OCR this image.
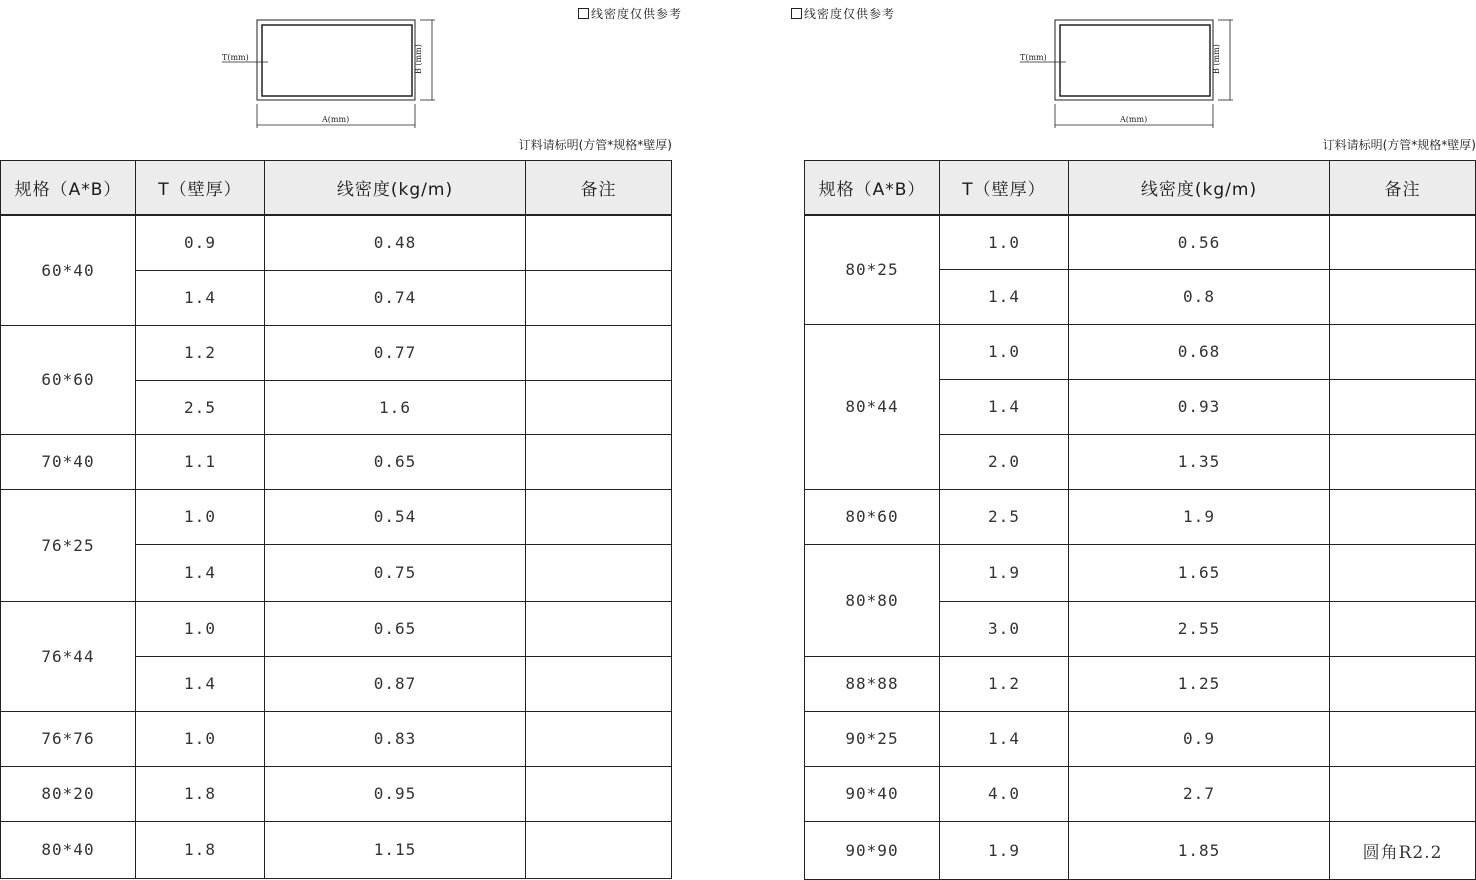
T(mm)
A(mm)
B (mm)
线密度仅供参考
订料请标明(方管*规格*壁厚)
规格（A*B）	T（壁厚）	线密度(kg/m)	备注
60*40	0.9	0.48	
	1.4	0.74	
60*60	1.2	0.77	
	2.5	1.6	
70*40	1.1	0.65	
76*25	1.0	0.54	
	1.4	0.75	
76*44	1.0	0.65	
	1.4	0.87	
76*76	1.0	0.83	
80*20	1.8	0.95	
80*40	1.8	1.15	
T(mm)
A(mm)
B (mm)
线密度仅供参考
订料请标明(方管*规格*壁厚)
规格（A*B）	T（壁厚）	线密度(kg/m)	备注
80*25	1.0	0.56	
	1.4	0.8	
80*44	1.0	0.68	
	1.4	0.93	
	2.0	1.35	
80*60	2.5	1.9	
80*80	1.9	1.65	
	3.0	2.55	
88*88	1.2	1.25	
90*25	1.4	0.9	
90*40	4.0	2.7	
90*90	1.9	1.85	圆角R2.2
